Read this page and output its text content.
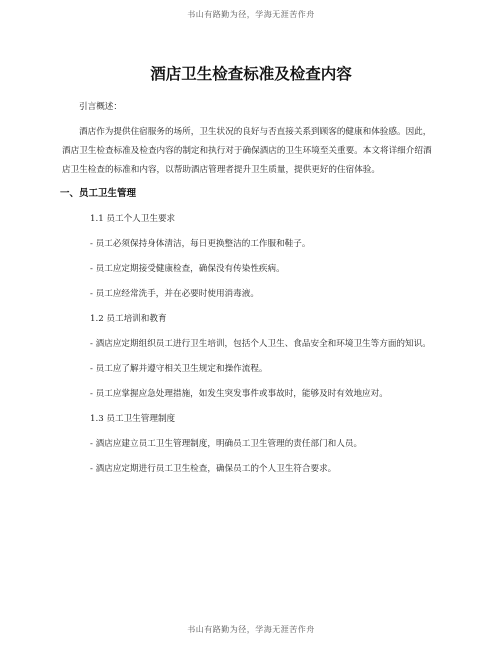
书山有路勤为径，学海无涯苦作舟
酒店卫生检查标准及检查内容

引言概述：

酒店作为提供住宿服务的场所，卫生状况的良好与否直接关系到顾客的健康和体验感。因此，酒店卫生检查标准及检查内容的制定和执行对于确保酒店的卫生环境至关重要。本文将详细介绍酒店卫生检查的标准和内容，以帮助酒店管理者提升卫生质量，提供更好的住宿体验。

一、员工卫生管理

1.1 员工个人卫生要求

- 员工必须保持身体清洁，每日更换整洁的工作服和鞋子。

- 员工应定期接受健康检查，确保没有传染性疾病。

- 员工应经常洗手，并在必要时使用消毒液。

1.2 员工培训和教育

- 酒店应定期组织员工进行卫生培训，包括个人卫生、食品安全和环境卫生等方面的知识。

- 员工应了解并遵守相关卫生规定和操作流程。

- 员工应掌握应急处理措施，如发生突发事件或事故时，能够及时有效地应对。

1.3 员工卫生管理制度

- 酒店应建立员工卫生管理制度，明确员工卫生管理的责任部门和人员。

- 酒店应定期进行员工卫生检查，确保员工的个人卫生符合要求。

书山有路勤为径，学海无涯苦作舟
